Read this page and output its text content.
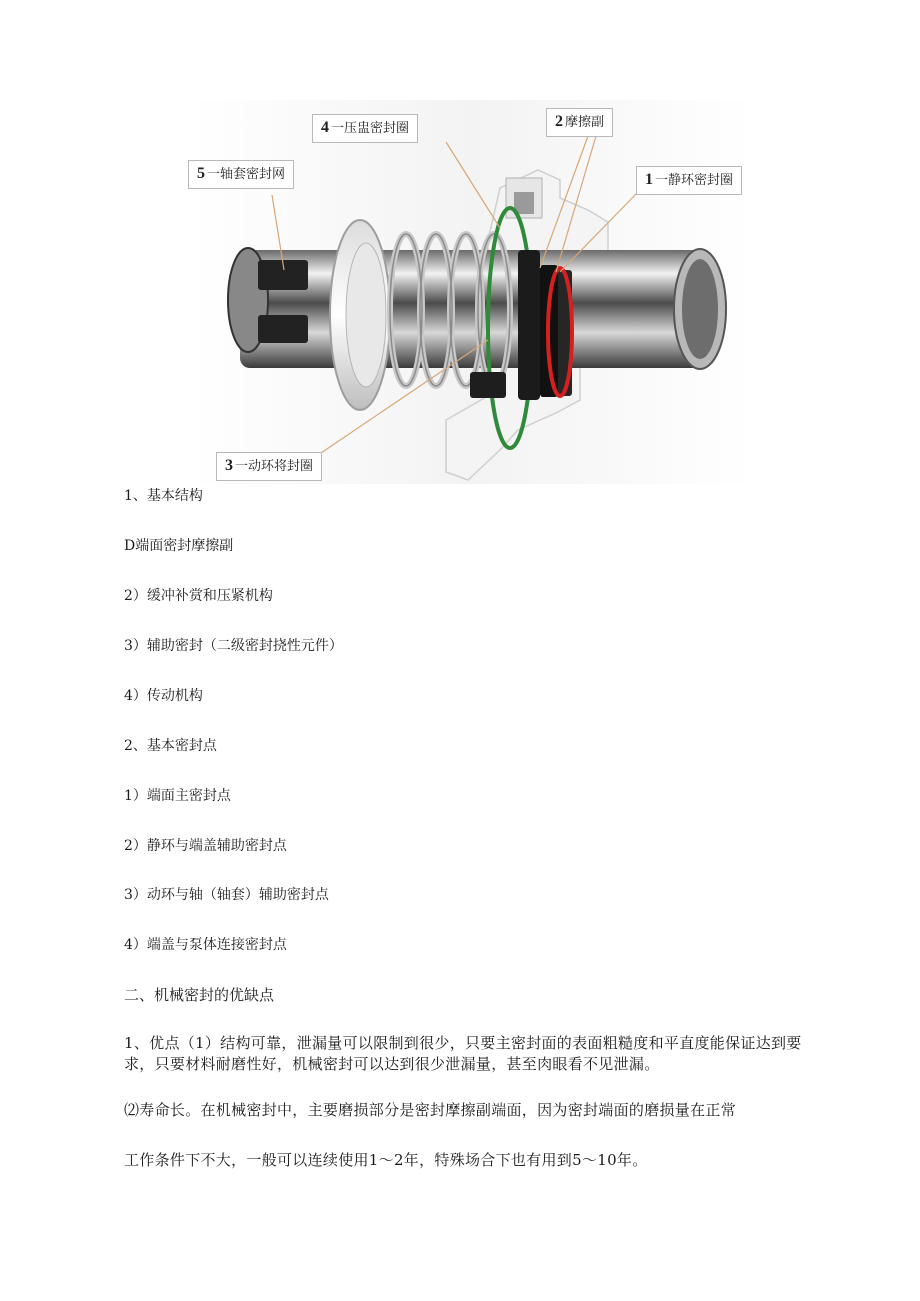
4 一压盅密封圈	2 摩擦副
5 一轴套密封网	1 一静环密封圈
3 一动环将封圈
1、基本结构
D端面密封摩擦副
2）缓冲补赏和压紧机构
3）辅助密封（二级密封挠性元件）
4）传动机构
2、基本密封点
1）端面主密封点
2）静环与端盖辅助密封点
3）动环与轴（轴套）辅助密封点
4）端盖与泵体连接密封点
二、机械密封的优缺点
1、优点（1）结构可靠，泄漏量可以限制到很少，只要主密封面的表面粗糙度和平直度能保证达到要求，只要材料耐磨性好，机械密封可以达到很少泄漏量，甚至肉眼看不见泄漏。
⑵寿命长。在机械密封中，主要磨损部分是密封摩擦副端面，因为密封端面的磨损量在正常
工作条件下不大，一般可以连续使用1～2年，特殊场合下也有用到5～10年。
